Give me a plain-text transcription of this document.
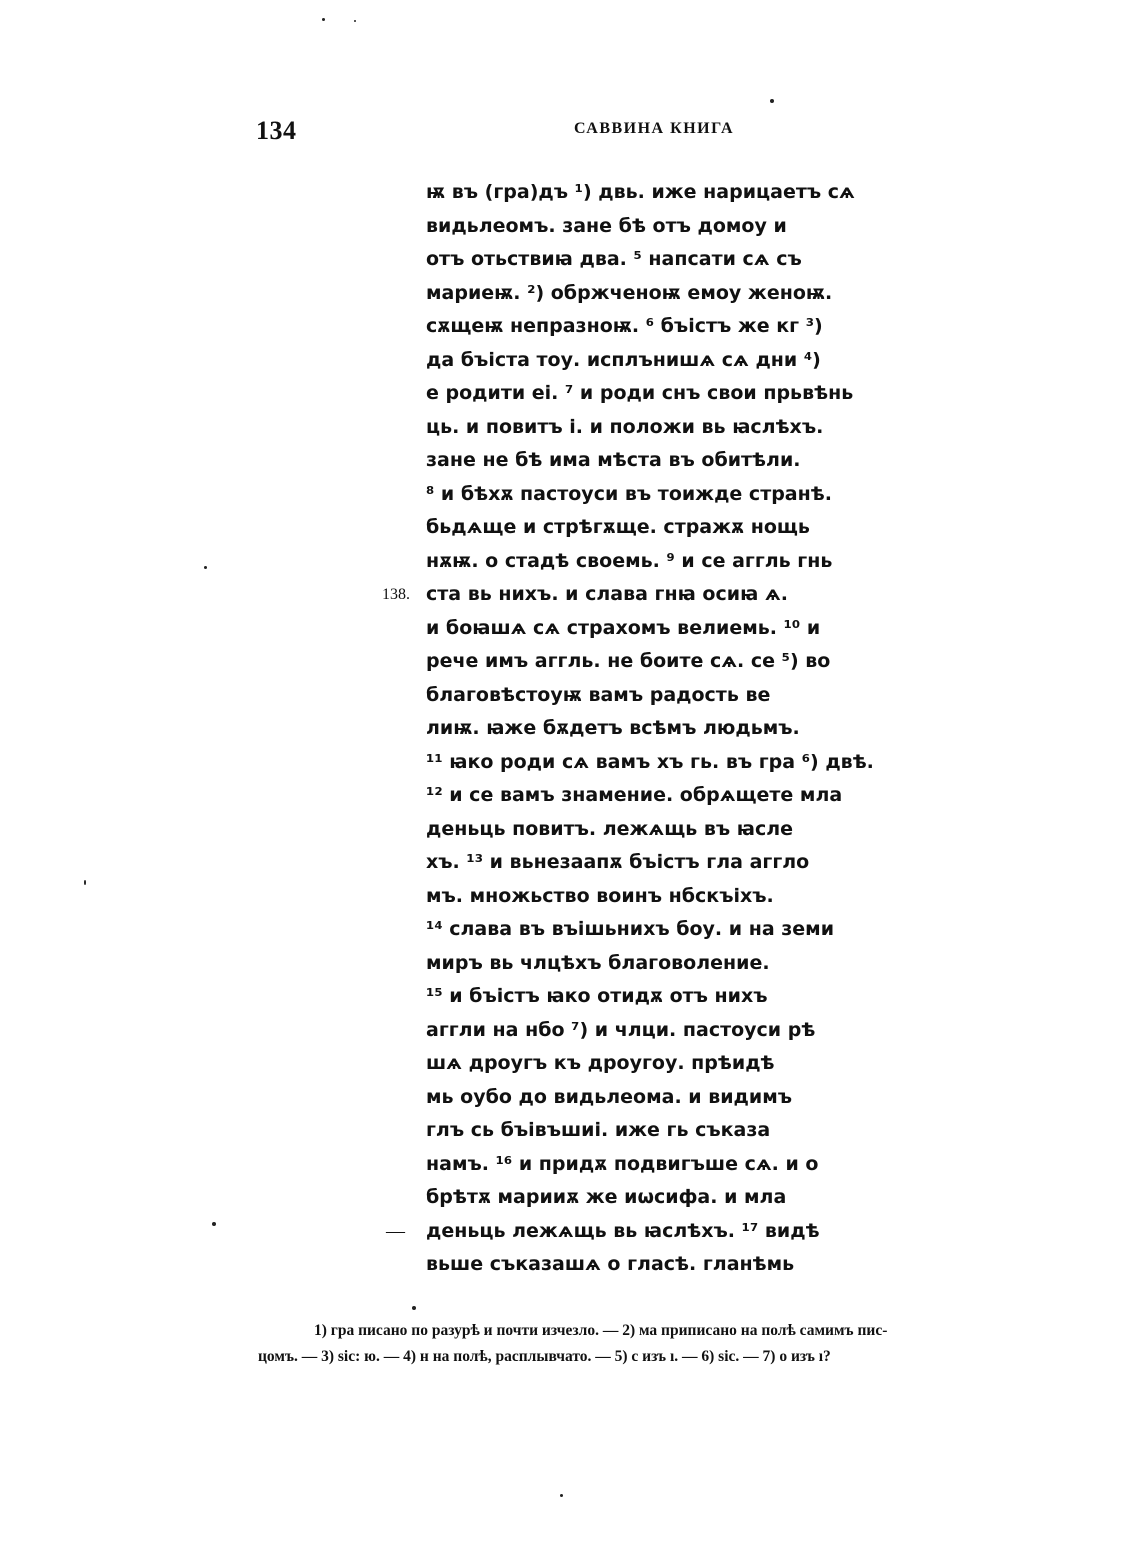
134	САВВИНА КНИГА
ѭ въ (гра)дъ ¹) двь. иже нарицаетъ сѧ
видьлеомъ. зане бѣ отъ домоу и
отъ отьствиꙗ два. ⁵ напсати сѧ съ
мариеѭ. ²) обржченоѭ емоу женоѭ.
сѫщеѭ непразноѭ. ⁶ бъістъ же кг ³)
да бъіста тоу. исплънишѧ сѧ дни ⁴)
е родити еі. ⁷ и роди снъ свои прьвѣнь
ць. и повитъ і. и положи вь ꙗслѣхъ.
зане не бѣ има мѣста въ обитѣли.
⁸ и бѣхѫ пастоуси въ тоижде странѣ.
бьдѧще и стрѣгѫще. стражѫ нощь
нѫѭ. о стадѣ своемь. ⁹ и се аггль гнь
138. ста вь нихъ. и слава гнꙗ осиꙗ ѧ.
и боꙗшѧ сѧ страхомъ велиемь. ¹⁰ и
рече имъ аггль. не боите сѧ. се ⁵) во
благовѣстоуѭ вамъ радость ве
лиѭ. ꙗже бѫдетъ всѣмъ людьмъ.
¹¹ ꙗко роди сѧ вамъ хъ гь. въ гра ⁶) двѣ.
¹² и се вамъ знамение. обрѧщете мла
деньць повитъ. лежѧщь въ ꙗсле
хъ. ¹³ и вьнезаапѫ бъістъ гла аггло
мъ. множьство воинъ нбскъіхъ.
¹⁴ слава въ въішьнихъ боу. и на земи
миръ вь члцѣхъ благоволение.
¹⁵ и бъістъ ꙗко отидѫ отъ нихъ
аггли на нбо ⁷) и члци. пастоуси рѣ
шѧ дроугъ къ дроугоу. прѣидѣ
мь оубо до видьлеома. и видимъ
глъ сь бъівъшиі. иже гь съказа
намъ. ¹⁶ и придѫ подвигъше сѧ. и о
брѣтѫ марииѫ же иѡсифа. и мла
— деньць лежѧщь вь ꙗслѣхъ. ¹⁷ видѣ
вьше съказашѧ о гласѣ. гланѣмь
1) гра писано по разурѣ и почти изчезло. — 2) ма приписано на полѣ самимъ пис-
цомъ. — 3) sic: ю. — 4) н на полѣ, расплывчато. — 5) с изъ ı. — 6) sic. — 7) о изъ ı?
